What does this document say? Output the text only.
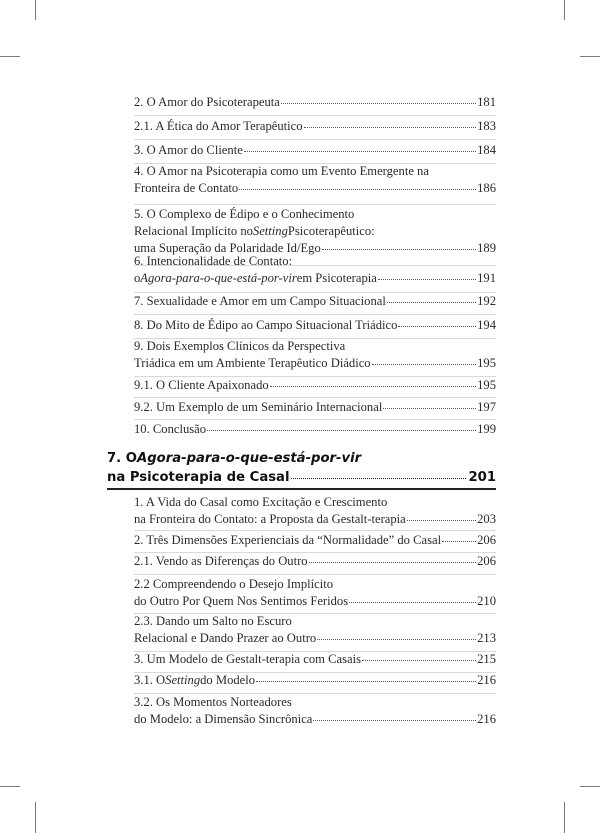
2. O Amor do Psicoterapeuta	181
2.1. A Ética do Amor Terapêutico	183
3. O Amor do Cliente	184
4. O Amor na Psicoterapia como um Evento Emergente na
Fronteira de Contato	186
5. O Complexo de Édipo e o Conhecimento
Relacional Implícito no Setting Psicoterapêutico:
uma Superação da Polaridade Id/Ego	189
6. Intencionalidade de Contato:
o Agora-para-o-que-está-por-vir em Psicoterapia	191
7. Sexualidade e Amor em um Campo Situacional	192
8. Do Mito de Édipo ao Campo Situacional Triádico	194
9. Dois Exemplos Clínicos da Perspectiva
Triádica em um Ambiente Terapêutico Diádico	195
9.1. O Cliente Apaixonado	195
9.2. Um Exemplo de um Seminário Internacional	197
10. Conclusão	199
7. O Agora-para-o-que-está-por-vir
na Psicoterapia de Casal	201
1. A Vida do Casal como Excitação e Crescimento
na Fronteira do Contato: a Proposta da Gestalt-terapia	203
2. Três Dimensões Experienciais da “Normalidade” do Casal	206
2.1. Vendo as Diferenças do Outro	206
2.2 Compreendendo o Desejo Implícito
do Outro Por Quem Nos Sentimos Feridos	210
2.3. Dando um Salto no Escuro
Relacional e Dando Prazer ao Outro	213
3. Um Modelo de Gestalt-terapia com Casais	215
3.1. O Setting do Modelo	216
3.2. Os Momentos Norteadores
do Modelo: a Dimensão Sincrônica	216
